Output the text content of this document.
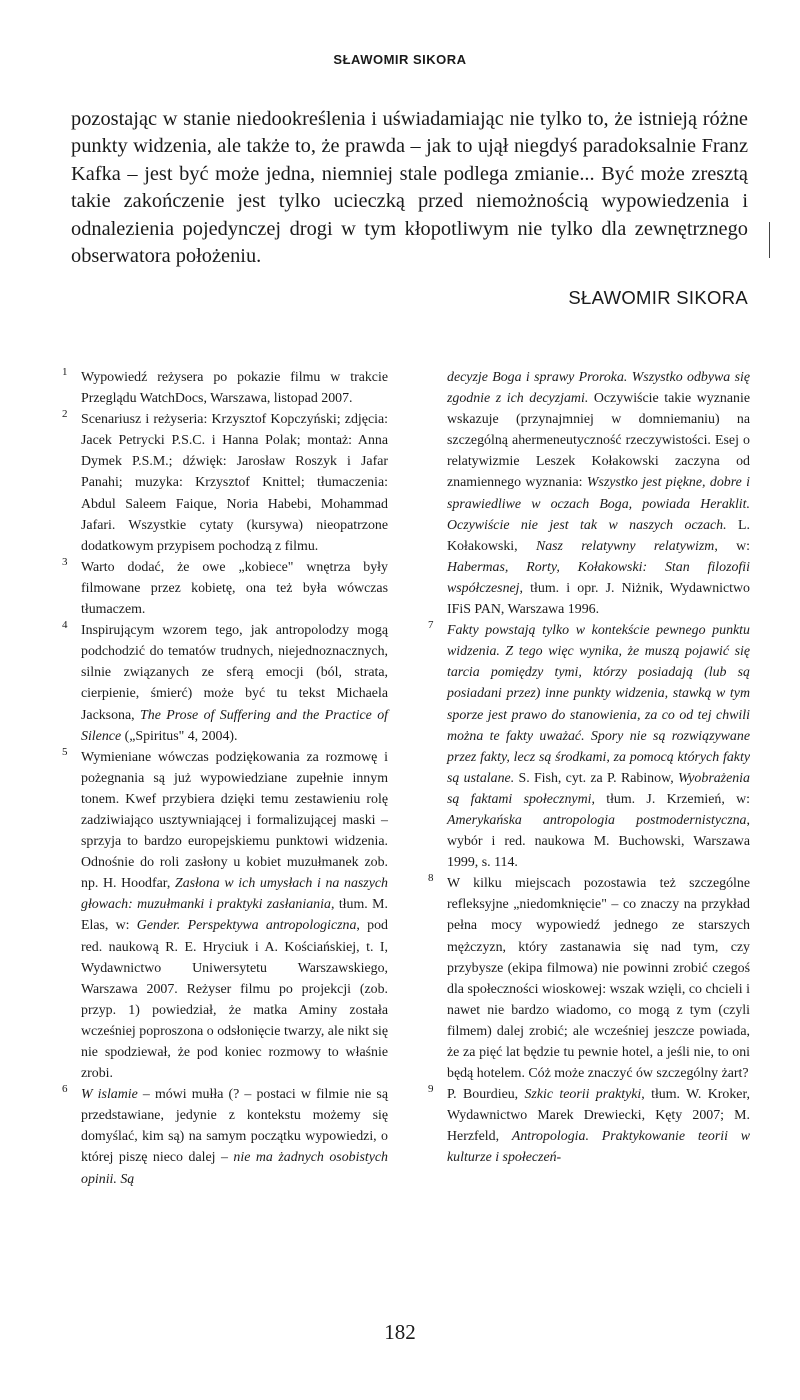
SŁAWOMIR SIKORA

pozostając w stanie niedookreślenia i uświadamiając nie tylko to, że istnieją różne punkty widzenia, ale także to, że prawda – jak to ujął niegdyś paradoksalnie Franz Kafka – jest być może jedna, niemniej stale podlega zmianie... Być może zresztą takie zakończenie jest tylko ucieczką przed niemożnością wypowiedzenia i odnalezienia pojedynczej drogi w tym kłopotliwym nie tylko dla zewnętrznego obserwatora położeniu.

SŁAWOMIR SIKORA
1 Wypowiedź reżysera po pokazie filmu w trakcie Przeglądu WatchDocs, Warszawa, listopad 2007.
2 Scenariusz i reżyseria: Krzysztof Kopczyński; zdjęcia: Jacek Petrycki P.S.C. i Hanna Polak; montaż: Anna Dymek P.S.M.; dźwięk: Jarosław Roszyk i Jafar Panahi; muzyka: Krzysztof Knittel; tłumaczenia: Abdul Saleem Faique, Noria Habebi, Mohammad Jafari. Wszystkie cytaty (kursywa) nieopatrzone dodatkowym przypisem pochodzą z filmu.
3 Warto dodać, że owe „kobiece" wnętrza były filmowane przez kobietę, ona też była wówczas tłumaczem.
4 Inspirującym wzorem tego, jak antropolodzy mogą podchodzić do tematów trudnych, niejednoznacznych, silnie związanych ze sferą emocji (ból, strata, cierpienie, śmierć) może być tu tekst Michaela Jacksona, The Prose of Suffering and the Practice of Silence („Spiritus" 4, 2004).
5 Wymieniane wówczas podziękowania za rozmowę i pożegnania są już wypowiedziane zupełnie innym tonem. Kwef przybiera dzięki temu zestawieniu rolę zadziwiająco usztywniającej i formalizującej maski – sprzyja to bardzo europejskiemu punktowi widzenia. Odnośnie do roli zasłony u kobiet muzułmanek zob. np. H. Hoodfar, Zasłona w ich umysłach i na naszych głowach: muzułmanki i praktyki zasłaniania, tłum. M. Elas, w: Gender. Perspektywa antropologiczna, pod red. naukową R. E. Hryciuk i A. Kościańskiej, t. I, Wydawnictwo Uniwersytetu Warszawskiego, Warszawa 2007. Reżyser filmu po projekcji (zob. przyp. 1) powiedział, że matka Aminy została wcześniej poproszona o odsłonięcie twarzy, ale nikt się nie spodziewał, że pod koniec rozmowy to właśnie zrobi.
6 W islamie – mówi mułła (? – postaci w filmie nie są przedstawiane, jedynie z kontekstu możemy się domyślać, kim są) na samym początku wypowiedzi, o której piszę nieco dalej – nie ma żadnych osobistych opinii. Są
decyzje Boga i sprawy Proroka. Wszystko odbywa się zgodnie z ich decyzjami. Oczywiście takie wyznanie wskazuje (przynajmniej w domniemaniu) na szczególną ahermeneutyczność rzeczywistości. Esej o relatywizmie Leszek Kołakowski zaczyna od znamiennego wyznania: Wszystko jest piękne, dobre i sprawiedliwe w oczach Boga, powiada Heraklit. Oczywiście nie jest tak w naszych oczach. L. Kołakowski, Nasz relatywny relatywizm, w: Habermas, Rorty, Kołakowski: Stan filozofii współczesnej, tłum. i opr. J. Niżnik, Wydawnictwo IFiS PAN, Warszawa 1996.
7 Fakty powstają tylko w kontekście pewnego punktu widzenia. Z tego więc wynika, że muszą pojawić się tarcia pomiędzy tymi, którzy posiadają (lub są posiadani przez) inne punkty widzenia, stawką w tym sporze jest prawo do stanowienia, za co od tej chwili można te fakty uważać. Spory nie są rozwiązywane przez fakty, lecz są środkami, za pomocą których fakty są ustalane. S. Fish, cyt. za P. Rabinow, Wyobrażenia są faktami społecznymi, tłum. J. Krzemień, w: Amerykańska antropologia postmodernistyczna, wybór i red. naukowa M. Buchowski, Warszawa 1999, s. 114.
8 W kilku miejscach pozostawia też szczególne refleksyjne „niedomknięcie" – co znaczy na przykład pełna mocy wypowiedź jednego ze starszych mężczyzn, który zastanawia się nad tym, czy przybysze (ekipa filmowa) nie powinni zrobić czegoś dla społeczności wioskowej: wszak wzięli, co chcieli i nawet nie bardzo wiadomo, co mogą z tym (czyli filmem) dalej zrobić; ale wcześniej jeszcze powiada, że za pięć lat będzie tu pewnie hotel, a jeśli nie, to oni będą hotelem. Cóż może znaczyć ów szczególny żart?
9 P. Bourdieu, Szkic teorii praktyki, tłum. W. Kroker, Wydawnictwo Marek Drewiecki, Kęty 2007; M. Herzfeld, Antropologia. Praktykowanie teorii w kulturze i społeczeń-
182
